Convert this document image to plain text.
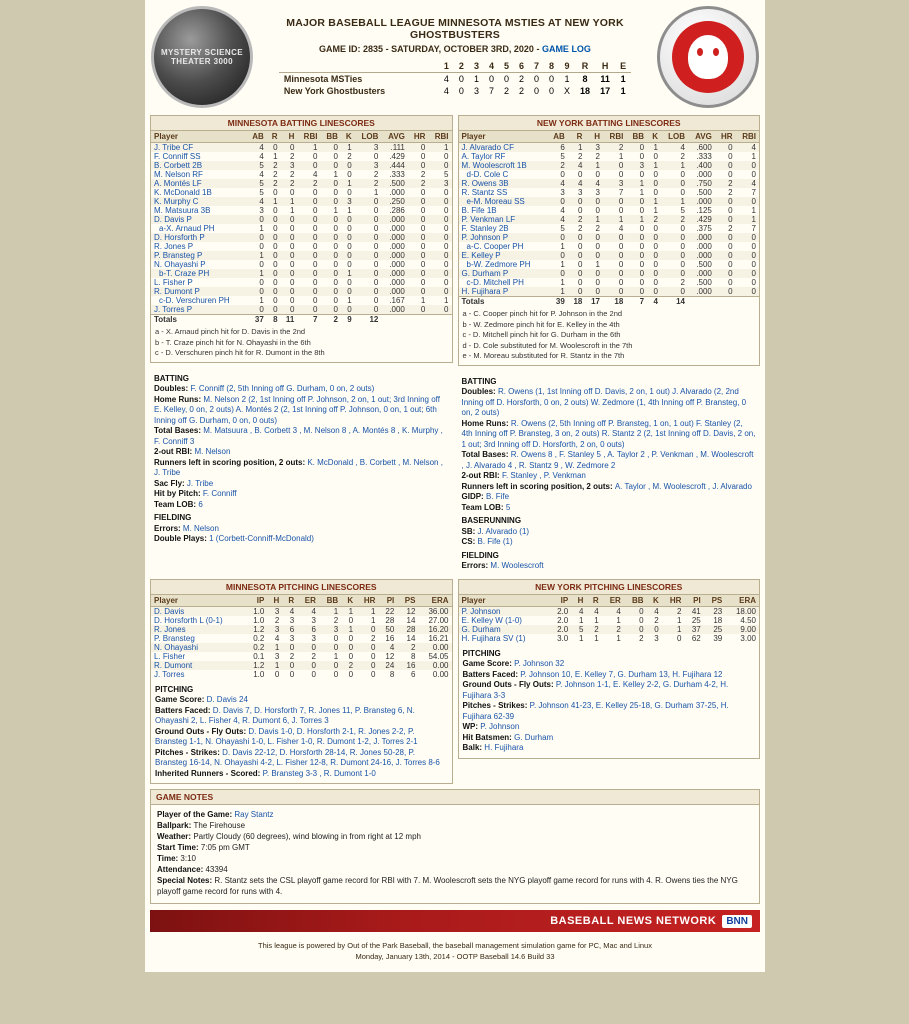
MYSTERY SCIENCE THEATER 3000
MAJOR BASEBALL LEAGUE MINNESOTA MSTIES AT NEW YORK GHOSTBUSTERS
GAME ID: 2835 - SATURDAY, OCTOBER 3RD, 2020 - GAME LOG
	1	2	3	4	5	6	7	8	9	R	H	E
Minnesota MSTies	4	0	1	0	0	2	0	0	1	8	11	1
New York Ghostbusters	4	0	3	7	2	2	0	0	X	18	17	1
MINNESOTA BATTING LINESCORES
Player	AB	R	H	RBI	BB	K	LOB	AVG	HR	RBI
J. Tribe CF	4	0	0	1	0	1	3	.111	0	1
F. Conniff SS	4	1	2	0	0	2	0	.429	0	0
B. Corbett 2B	5	2	3	0	0	0	3	.444	0	0
M. Nelson RF	4	2	2	4	1	0	2	.333	2	5
A. Montés LF	5	2	2	2	0	1	2	.500	2	3
K. McDonald 1B	5	0	0	0	0	0	1	.000	0	0
K. Murphy C	4	1	1	0	0	3	0	.250	0	0
M. Matsuura 3B	3	0	1	0	1	1	0	.286	0	0
D. Davis P	0	0	0	0	0	0	0	.000	0	0
a-X. Arnaud PH	1	0	0	0	0	0	0	.000	0	0
D. Horsforth P	0	0	0	0	0	0	0	.000	0	0
R. Jones P	0	0	0	0	0	0	0	.000	0	0
P. Bransteg P	1	0	0	0	0	0	0	.000	0	0
N. Ohayashi P	0	0	0	0	0	0	0	.000	0	0
b-T. Craze PH	1	0	0	0	0	1	0	.000	0	0
L. Fisher P	0	0	0	0	0	0	0	.000	0	0
R. Dumont P	0	0	0	0	0	0	0	.000	0	0
c-D. Verschuren PH	1	0	0	0	0	1	0	.167	1	1
J. Torres P	0	0	0	0	0	0	0	.000	0	0
Totals	37	8	11	7	2	9	12			
a - X. Arnaud pinch hit for D. Davis in the 2nd
b - T. Craze pinch hit for N. Ohayashi in the 6th
c - D. Verschuren pinch hit for R. Dumont in the 8th
BATTING
Doubles: F. Conniff (2, 5th Inning off G. Durham, 0 on, 2 outs)
Home Runs: M. Nelson 2 (2, 1st Inning off P. Johnson, 2 on, 1 out; 3rd Inning off E. Kelley, 0 on, 2 outs) A. Montés 2 (2, 1st Inning off P. Johnson, 0 on, 1 out; 6th Inning off G. Durham, 0 on, 0 outs)
Total Bases: M. Matsuura , B. Corbett 3 , M. Nelson 8 , A. Montés 8 , K. Murphy , F. Conniff 3
2-out RBI: M. Nelson
Runners left in scoring position, 2 outs: K. McDonald , B. Corbett , M. Nelson , J. Tribe
Sac Fly: J. Tribe
Hit by Pitch: F. Conniff
Team LOB: 6
FIELDING
Errors: M. Nelson
Double Plays: 1 (Corbett-Conniff-McDonald)
NEW YORK BATTING LINESCORES
Player	AB	R	H	RBI	BB	K	LOB	AVG	HR	RBI
J. Alvarado CF	6	1	3	2	0	1	4	.600	0	4
A. Taylor RF	5	2	2	1	0	0	2	.333	0	1
M. Woolescroft 1B	2	4	1	0	3	1	1	.400	0	0
d-D. Cole C	0	0	0	0	0	0	0	.000	0	0
R. Owens 3B	4	4	4	3	1	0	0	.750	2	4
R. Stantz SS	3	3	3	7	1	0	0	.500	2	7
e-M. Moreau SS	0	0	0	0	0	1	1	.000	0	0
B. Fife 1B	4	0	0	0	0	1	5	.125	0	1
P. Venkman LF	4	2	1	1	1	2	2	.429	0	1
F. Stanley 2B	5	2	2	4	0	0	0	.375	2	7
P. Johnson P	0	0	0	0	0	0	0	.000	0	0
a-C. Cooper PH	1	0	0	0	0	0	0	.000	0	0
E. Kelley P	0	0	0	0	0	0	0	.000	0	0
b-W. Zedmore PH	1	0	1	0	0	0	0	.500	0	0
G. Durham P	0	0	0	0	0	0	0	.000	0	0
c-D. Mitchell PH	1	0	0	0	0	0	2	.500	0	0
H. Fujihara P	1	0	0	0	0	0	0	.000	0	0
Totals	39	18	17	18	7	4	14			
a - C. Cooper pinch hit for P. Johnson in the 2nd
b - W. Zedmore pinch hit for E. Kelley in the 4th
c - D. Mitchell pinch hit for G. Durham in the 6th
d - D. Cole substituted for M. Woolescroft in the 7th
e - M. Moreau substituted for R. Stantz in the 7th
BATTING
Doubles: R. Owens (1, 1st Inning off D. Davis, 2 on, 1 out) J. Alvarado (2, 2nd Inning off D. Horsforth, 0 on, 2 outs) W. Zedmore (1, 4th Inning off P. Bransteg, 0 on, 2 outs)
Home Runs: R. Owens (2, 5th Inning off P. Bransteg, 1 on, 1 out) F. Stanley (2, 4th Inning off P. Bransteg, 3 on, 2 outs) R. Stantz 2 (2, 1st Inning off D. Davis, 2 on, 1 out; 3rd Inning off D. Horsforth, 2 on, 0 outs)
Total Bases: R. Owens 8 , F. Stanley 5 , A. Taylor 2 , P. Venkman , M. Woolescroft , J. Alvarado 4 , R. Stantz 9 , W. Zedmore 2
2-out RBI: F. Stanley , P. Venkman
Runners left in scoring position, 2 outs: A. Taylor , M. Woolescroft , J. Alvarado
GIDP: B. Fife
Team LOB: 5
BASERUNNING
SB: J. Alvarado (1)
CS: B. Fife (1)
FIELDING
Errors: M. Woolescroft
MINNESOTA PITCHING LINESCORES
Player	IP	H	R	ER	BB	K	HR	PI	PS	ERA
D. Davis	1.0	3	4	4	1	1	1	22	12	36.00
D. Horsforth L (0-1)	1.0	2	3	3	2	0	1	28	14	27.00
R. Jones	1.2	3	6	6	3	1	0	50	28	16.20
P. Bransteg	0.2	4	3	3	0	0	2	16	14	16.21
N. Ohayashi	0.2	1	0	0	0	0	0	4	2	0.00
L. Fisher	0.1	3	2	2	1	0	0	12	8	54.05
R. Dumont	1.2	1	0	0	0	2	0	24	16	0.00
J. Torres	1.0	0	0	0	0	0	0	8	6	0.00
PITCHING
Game Score: D. Davis 24
Batters Faced: D. Davis 7, D. Horsforth 7, R. Jones 11, P. Bransteg 6, N. Ohayashi 2, L. Fisher 4, R. Dumont 6, J. Torres 3
Ground Outs - Fly Outs: D. Davis 1-0, D. Horsforth 2-1, R. Jones 2-2, P. Bransteg 1-1, N. Ohayashi 1-0, L. Fisher 1-0, R. Dumont 1-2, J. Torres 2-1
Pitches - Strikes: D. Davis 22-12, D. Horsforth 28-14, R. Jones 50-28, P. Bransteg 16-14, N. Ohayashi 4-2, L. Fisher 12-8, R. Dumont 24-16, J. Torres 8-6
Inherited Runners - Scored: P. Bransteg 3-3 , R. Dumont 1-0
NEW YORK PITCHING LINESCORES
Player	IP	H	R	ER	BB	K	HR	PI	PS	ERA
P. Johnson	2.0	4	4	4	0	4	2	41	23	18.00
E. Kelley W (1-0)	2.0	1	1	1	0	2	1	25	18	4.50
G. Durham	2.0	5	2	2	0	0	1	37	25	9.00
H. Fujihara SV (1)	3.0	1	1	1	2	3	0	62	39	3.00
PITCHING
Game Score: P. Johnson 32
Batters Faced: P. Johnson 10, E. Kelley 7, G. Durham 13, H. Fujihara 12
Ground Outs - Fly Outs: P. Johnson 1-1, E. Kelley 2-2, G. Durham 4-2, H. Fujihara 3-3
Pitches - Strikes: P. Johnson 41-23, E. Kelley 25-18, G. Durham 37-25, H. Fujihara 62-39
WP: P. Johnson
Hit Batsmen: G. Durham
Balk: H. Fujihara
GAME NOTES
Player of the Game: Ray Stantz
Ballpark: The Firehouse
Weather: Partly Cloudy (60 degrees), wind blowing in from right at 12 mph
Start Time: 7:05 pm GMT
Time: 3:10
Attendance: 43394
Special Notes: R. Stantz sets the CSL playoff game record for RBI with 7. M. Woolescroft sets the NYG playoff game record for runs with 4. R. Owens ties the NYG playoff game record for runs with 4.
BASEBALL NEWS NETWORK	BNN
This league is powered by Out of the Park Baseball, the baseball management simulation game for PC, Mac and Linux
Monday, January 13th, 2014 - OOTP Baseball 14.6 Build 33
